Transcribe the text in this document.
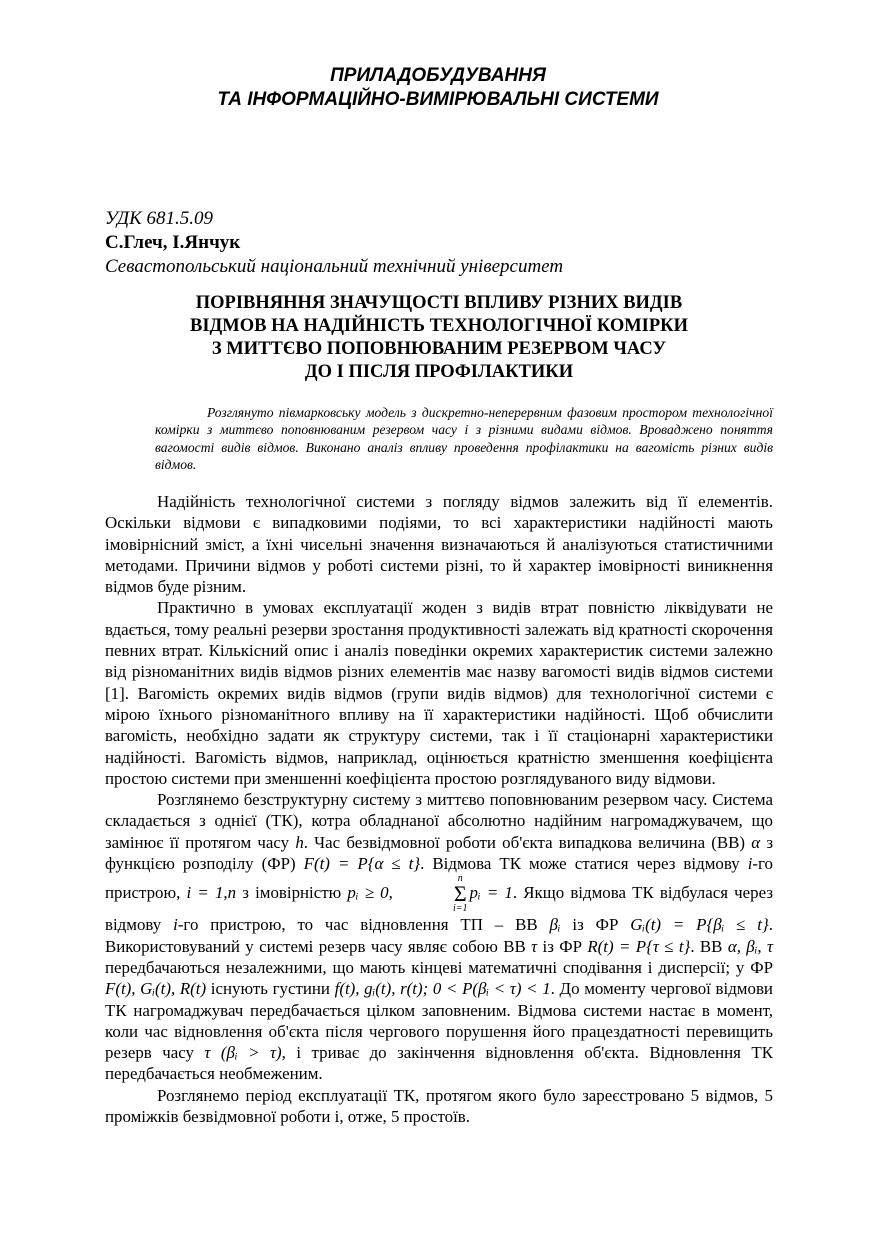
ПРИЛАДОБУДУВАННЯ
ТА ІНФОРМАЦІЙНО-ВИМІРЮВАЛЬНІ СИСТЕМИ
УДК 681.5.09
С.Глеч, І.Янчук
Севастопольський національний технічний університет
ПОРІВНЯННЯ ЗНАЧУЩОСТІ ВПЛИВУ РІЗНИХ ВИДІВ
ВІДМОВ НА НАДІЙНІСТЬ ТЕХНОЛОГІЧНОЇ КОМІРКИ
З МИТТЄВО ПОПОВНЮВАНИМ РЕЗЕРВОМ ЧАСУ
ДО І ПІСЛЯ ПРОФІЛАКТИКИ
Розглянуто півмарковську модель з дискретно-неперервним фазовим простором технологічної комірки з миттєво поповнюваним резервом часу і з різними видами відмов. Вроваджено поняття вагомості видів відмов. Виконано аналіз впливу проведення профілактики на вагомість різних видів відмов.

Надійність технологічної системи з погляду відмов залежить від її елементів. Оскільки відмови є випадковими подіями, то всі характеристики надійності мають імовірнісний зміст, а їхні чисельні значення визначаються й аналізуються статистичними методами. Причини відмов у роботі системи різні, то й характер імовірності виникнення відмов буде різним.

Практично в умовах експлуатації жоден з видів втрат повністю ліквідувати не вдається, тому реальні резерви зростання продуктивності залежать від кратності скорочення певних втрат. Кількісний опис і аналіз поведінки окремих характеристик системи залежно від різноманітних видів відмов різних елементів має назву вагомості видів відмов системи [1]. Вагомість окремих видів відмов (групи видів відмов) для технологічної системи є мірою їхнього різноманітного впливу на її характеристики надійності. Щоб обчислити вагомість, необхідно задати як структуру системи, так і її стаціонарні характеристики надійності. Вагомість відмов, наприклад, оцінюється кратністю зменшення коефіцієнта простою системи при зменшенні коефіцієнта простою розглядуваного виду відмови.

Розглянемо безструктурну систему з миттєво поповнюваним резервом часу. Система складається з однієї (ТК), котра обладнаної абсолютно надійним нагромаджувачем, що замінює її протягом часу h. Час безвідмовної роботи об'єкта випадкова величина (ВВ) α з функцією розподілу (ФР) F(t) = P{α ≤ t}. Відмова ТК може статися через відмову i-го пристрою, i = 1,n з імовірністю pᵢ ≥ 0,
n
Σ
i=1
pᵢ = 1. Якщо відмова ТК відбулася через відмову i-го пристрою, то час відновлення ТП – ВВ βᵢ із ФР Gᵢ(t) = P{βᵢ ≤ t}. Використовуваний у системі резерв часу являє собою ВВ τ із ФР R(t) = P{τ ≤ t}. ВВ α, βᵢ, τ передбачаються незалежними, що мають кінцеві математичні сподівання і дисперсії; у ФР F(t), Gᵢ(t), R(t) існують густини f(t), gᵢ(t), r(t); 0 < P(βᵢ < τ) < 1. До моменту чергової відмови ТК нагромаджувач передбачається цілком заповненим. Відмова системи настає в момент, коли час відновлення об'єкта після чергового порушення його працездатності перевищить резерв часу τ (βᵢ > τ), і триває до закінчення відновлення об'єкта. Відновлення ТК передбачається необмеженим.

Розглянемо період експлуатації ТК, протягом якого було зареєстровано 5 відмов, 5 проміжків безвідмовної роботи і, отже, 5 простоїв.
